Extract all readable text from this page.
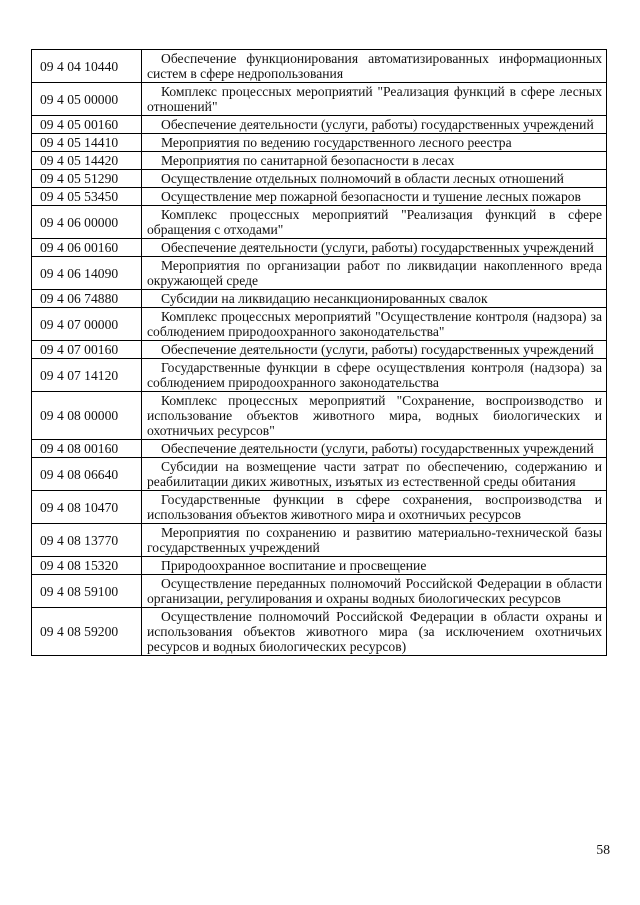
09 4 04 10440	Обеспечение функционирования автоматизированных информационных систем в сфере недропользования
09 4 05 00000	Комплекс процессных мероприятий "Реализация функций в сфере лесных отношений"
09 4 05 00160	Обеспечение деятельности (услуги, работы) государственных учреждений
09 4 05 14410	Мероприятия по ведению государственного лесного реестра
09 4 05 14420	Мероприятия по санитарной безопасности в лесах
09 4 05 51290	Осуществление отдельных полномочий в области лесных отношений
09 4 05 53450	Осуществление мер пожарной безопасности и тушение лесных пожаров
09 4 06 00000	Комплекс процессных мероприятий "Реализация функций в сфере обращения с отходами"
09 4 06 00160	Обеспечение деятельности (услуги, работы) государственных учреждений
09 4 06 14090	Мероприятия по организации работ по ликвидации накопленного вреда окружающей среде
09 4 06 74880	Субсидии на ликвидацию несанкционированных свалок
09 4 07 00000	Комплекс процессных мероприятий "Осуществление контроля (надзора) за соблюдением природоохранного законодательства"
09 4 07 00160	Обеспечение деятельности (услуги, работы) государственных учреждений
09 4 07 14120	Государственные функции в сфере осуществления контроля (надзора) за соблюдением природоохранного законодательства
09 4 08 00000	Комплекс процессных мероприятий "Сохранение, воспроизводство и использование объектов животного мира, водных биологических и охотничьих ресурсов"
09 4 08 00160	Обеспечение деятельности (услуги, работы) государственных учреждений
09 4 08 06640	Субсидии на возмещение части затрат по обеспечению, содержанию и реабилитации диких животных, изъятых из естественной среды обитания
09 4 08 10470	Государственные функции в сфере сохранения, воспроизводства и использования объектов животного мира и охотничьих ресурсов
09 4 08 13770	Мероприятия по сохранению и развитию материально-технической базы государственных учреждений
09 4 08 15320	Природоохранное воспитание и просвещение
09 4 08 59100	Осуществление переданных полномочий Российской Федерации в области организации, регулирования и охраны водных биологических ресурсов
09 4 08 59200	Осуществление полномочий Российской Федерации в области охраны и использования объектов животного мира (за исключением охотничьих ресурсов и водных биологических ресурсов)
58
